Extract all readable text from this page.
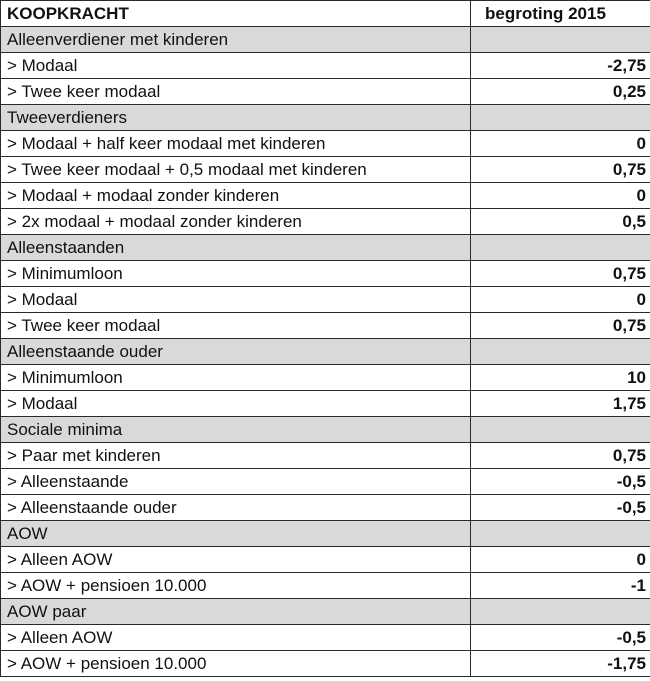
KOOPKRACHT	begroting 2015
Alleenverdiener met kinderen	
> Modaal	-2,75
> Twee keer modaal	0,25
Tweeverdieners	
> Modaal + half keer modaal met kinderen	0
> Twee keer modaal + 0,5 modaal met kinderen	0,75
> Modaal + modaal zonder kinderen	0
> 2x modaal + modaal zonder kinderen	0,5
Alleenstaanden	
> Minimumloon	0,75
> Modaal	0
> Twee keer modaal	0,75
Alleenstaande ouder	
> Minimumloon	10
> Modaal	1,75
Sociale minima	
> Paar met kinderen	0,75
> Alleenstaande	-0,5
> Alleenstaande ouder	-0,5
AOW	
> Alleen AOW	0
> AOW + pensioen 10.000	-1
AOW paar	
> Alleen AOW	-0,5
> AOW + pensioen 10.000	-1,75
